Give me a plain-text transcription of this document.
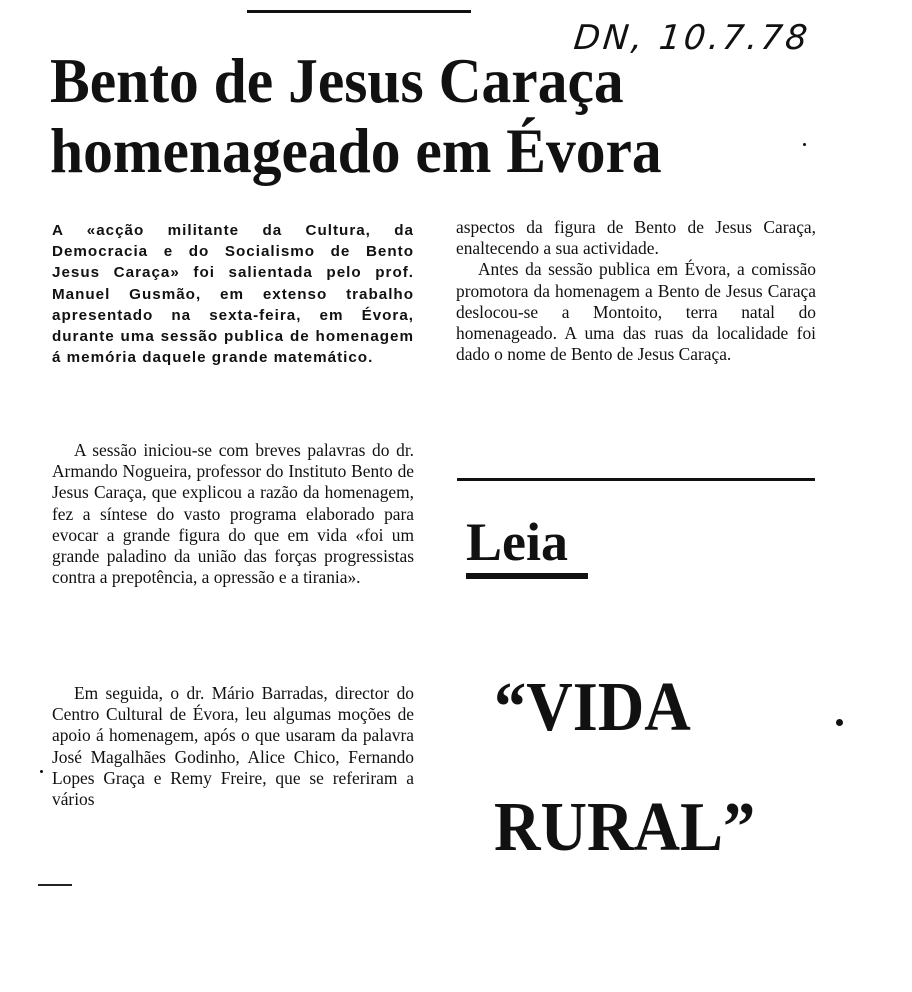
DN, 10.7.78
Bento de Jesus Caraça
homenageado em Évora

A «acção militante da Cultura, da Democracia e do Socialismo de Bento Jesus Caraça» foi salientada pelo prof. Manuel Gusmão, em extenso trabalho apresentado na sexta-feira, em Évora, durante uma sessão publica de homenagem á memória daquele grande matemático.

A sessão iniciou-se com breves palavras do dr. Armando Nogueira, professor do Instituto Bento de Jesus Caraça, que explicou a razão da homenagem, fez a síntese do vasto programa elaborado para evocar a grande figura do que em vida «foi um grande paladino da união das forças progressistas contra a prepotência, a opressão e a tirania».

Em seguida, o dr. Mário Barradas, director do Centro Cultural de Évora, leu algumas moções de apoio á homenagem, após o que usaram da palavra José Magalhães Godinho, Alice Chico, Fernando Lopes Graça e Remy Freire, que se referiram a vários

aspectos da figura de Bento de Jesus Caraça, enaltecendo a sua actividade.

Antes da sessão publica em Évora, a comissão promotora da homenagem a Bento de Jesus Caraça deslocou-se a Montoito, terra natal do homenageado. A uma das ruas da localidade foi dado o nome de Bento de Jesus Caraça.

Leia
“VIDA
RURAL”
